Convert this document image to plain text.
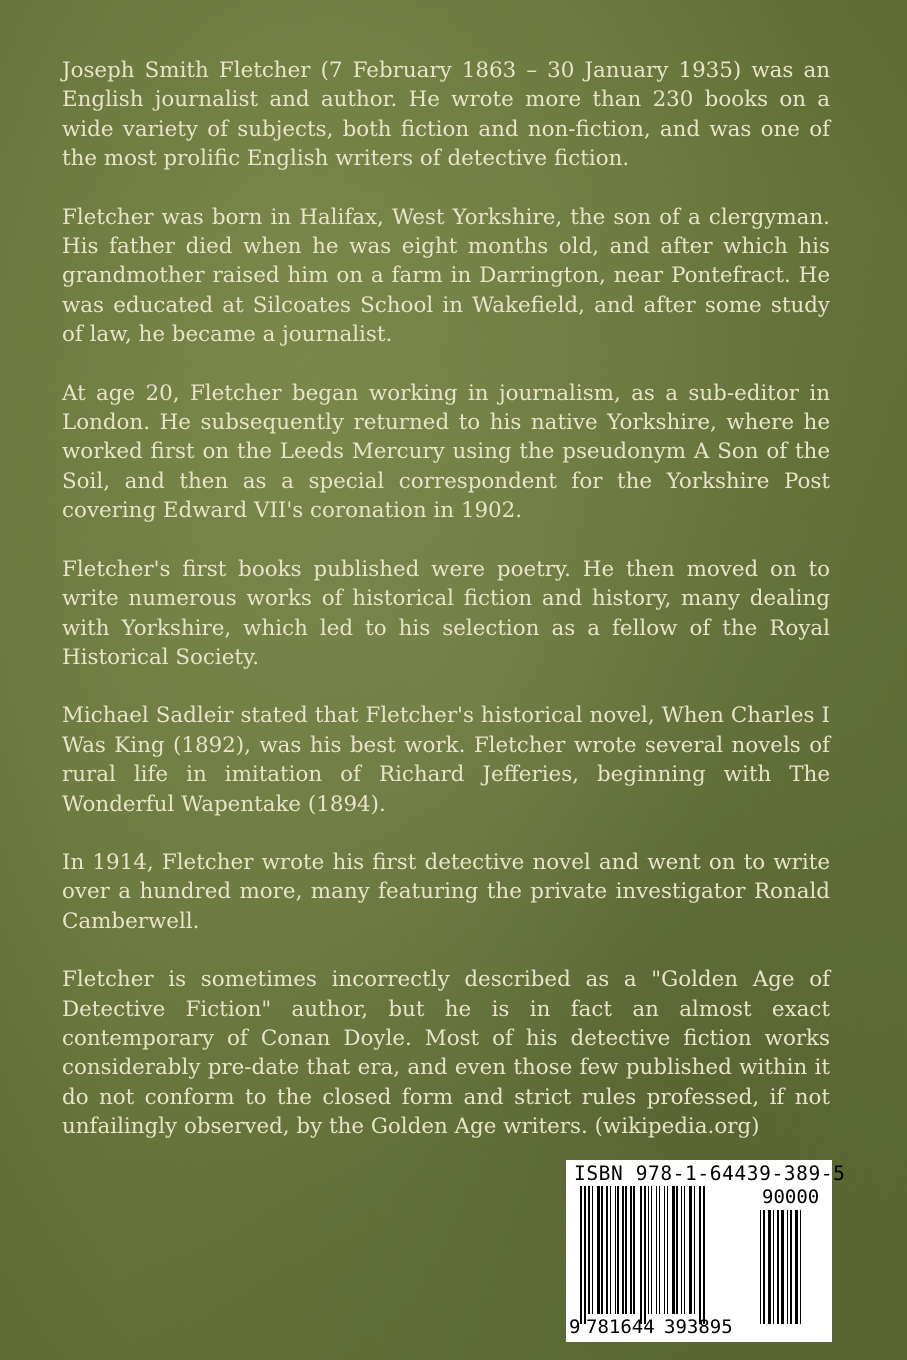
Joseph Smith Fletcher (7 February 1863 – 30 January 1935) was an English journalist and author. He wrote more than 230 books on a wide variety of subjects, both fiction and non-fiction, and was one of the most prolific English writers of detective fiction.

Fletcher was born in Halifax, West Yorkshire, the son of a clergyman. His father died when he was eight months old, and after which his grandmother raised him on a farm in Darrington, near Pontefract. He was educated at Silcoates School in Wakefield, and after some study of law, he became a journalist.

At age 20, Fletcher began working in journalism, as a sub-editor in London. He subsequently returned to his native Yorkshire, where he worked first on the Leeds Mercury using the pseudonym A Son of the Soil, and then as a special correspondent for the Yorkshire Post covering Edward VII's coronation in 1902.

Fletcher's first books published were poetry. He then moved on to write numerous works of historical fiction and history, many dealing with Yorkshire, which led to his selection as a fellow of the Royal Historical Society.

Michael Sadleir stated that Fletcher's historical novel, When Charles I Was King (1892), was his best work. Fletcher wrote several novels of rural life in imitation of Richard Jefferies, beginning with The Wonderful Wapentake (1894).

In 1914, Fletcher wrote his first detective novel and went on to write over a hundred more, many featuring the private investigator Ronald Camberwell.

Fletcher is sometimes incorrectly described as a "Golden Age of Detective Fiction" author, but he is in fact an almost exact contemporary of Conan Doyle. Most of his detective fiction works considerably pre-date that era, and even those few published within it do not conform to the closed form and strict rules professed, if not unfailingly observed, by the Golden Age writers. (wikipedia.org)

ISBN 978-1-64439-389-5
90000
9 781644 393895
